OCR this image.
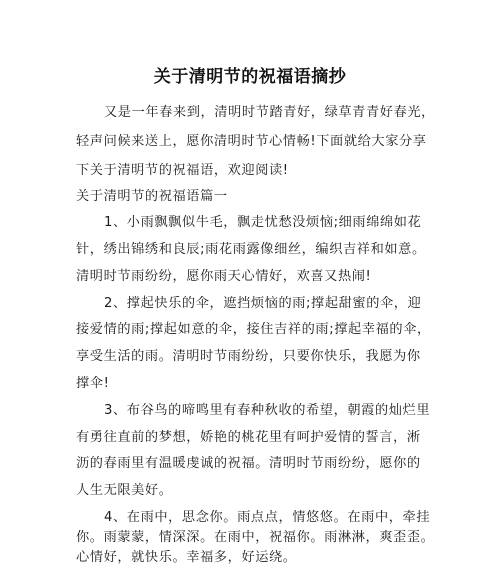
关于清明节的祝福语摘抄
又是一年春来到，清明时节踏青好，绿草青青好春光，
轻声问候来送上，愿你清明时节心情畅!下面就给大家分享
下关于清明节的祝福语，欢迎阅读!
关于清明节的祝福语篇一
1、小雨飘飘似牛毛，飘走忧愁没烦恼;细雨绵绵如花
针，绣出锦绣和良辰;雨花雨露像细丝，编织吉祥和如意。
清明时节雨纷纷，愿你雨天心情好，欢喜又热闹!
2、撑起快乐的伞，遮挡烦恼的雨;撑起甜蜜的伞，迎
接爱情的雨;撑起如意的伞，接住吉祥的雨;撑起幸福的伞，
享受生活的雨。清明时节雨纷纷，只要你快乐，我愿为你
撑伞!
3、布谷鸟的啼鸣里有春种秋收的希望，朝霞的灿烂里
有勇往直前的梦想，娇艳的桃花里有呵护爱情的誓言，淅
沥的春雨里有温暖虔诚的祝福。清明时节雨纷纷，愿你的
人生无限美好。
4、在雨中，思念你。雨点点，情悠悠。在雨中，牵挂
你。雨蒙蒙，情深深。在雨中，祝福你。雨淋淋，爽歪歪。
心情好，就快乐。幸福多，好运绕。
